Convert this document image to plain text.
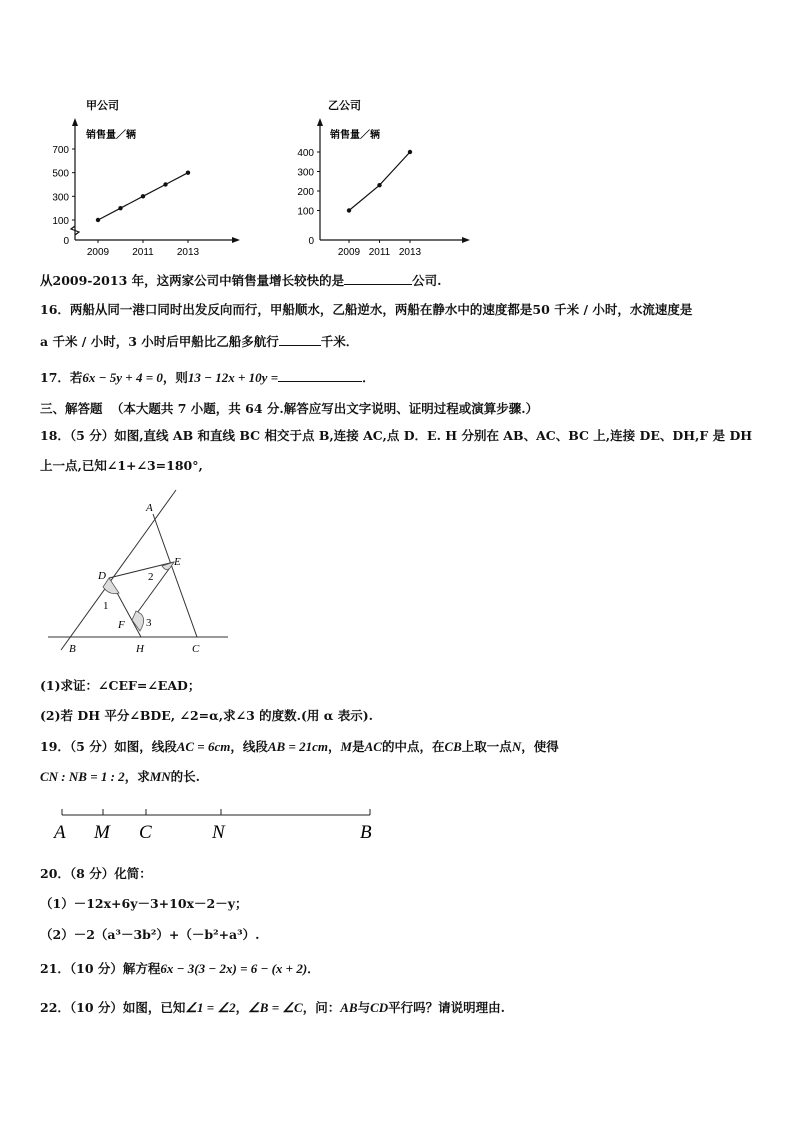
甲公司
销售量／辆
0
100
300
500
700
2009 2011 2013
乙公司
销售量／辆
0
100
200
300
400
2009 2011 2013
从2009-2013 年，这两家公司中销售量增长较快的是	公司.
16．两船从同一港口同时出发反向而行，甲船顺水，乙船逆水，两船在静水中的速度都是50 千米 / 小时，水流速度是
a 千米 / 小时，3 小时后甲船比乙船多航行	千米．
17．若6x − 5y + 4 = 0，则13 − 12x + 10y =	．
三、解答题 （本大题共 7 小题，共 64 分.解答应写出文字说明、证明过程或演算步骤.）
18．（5 分）如图,直线 AB 和直线 BC 相交于点 B,连接 AC,点 D．E. H 分别在 AB、AC、BC 上,连接 DE、DH,F 是 DH
上一点,已知∠1+∠3=180°,
A
E
D	2
1
F 3
B	H	C
(1)求证：∠CEF=∠EAD；
(2)若 DH 平分∠BDE, ∠2=α,求∠3 的度数.(用 α 表示).
19．（5 分）如图，线段AC = 6cm，线段AB = 21cm，M是AC的中点，在CB上取一点N，使得
CN : NB = 1 : 2，求MN的长.
A M C	N	B
20．（8 分）化简：
（1）－12x+6y－3+10x－2－y；
（2）－2（a³－3b²）+（－b²+a³）.
21．（10 分）解方程6x − 3(3 − 2x) = 6 − (x + 2)．
22．（10 分）如图，已知∠1 = ∠2，∠B = ∠C，问：AB与CD平行吗？请说明理由.
